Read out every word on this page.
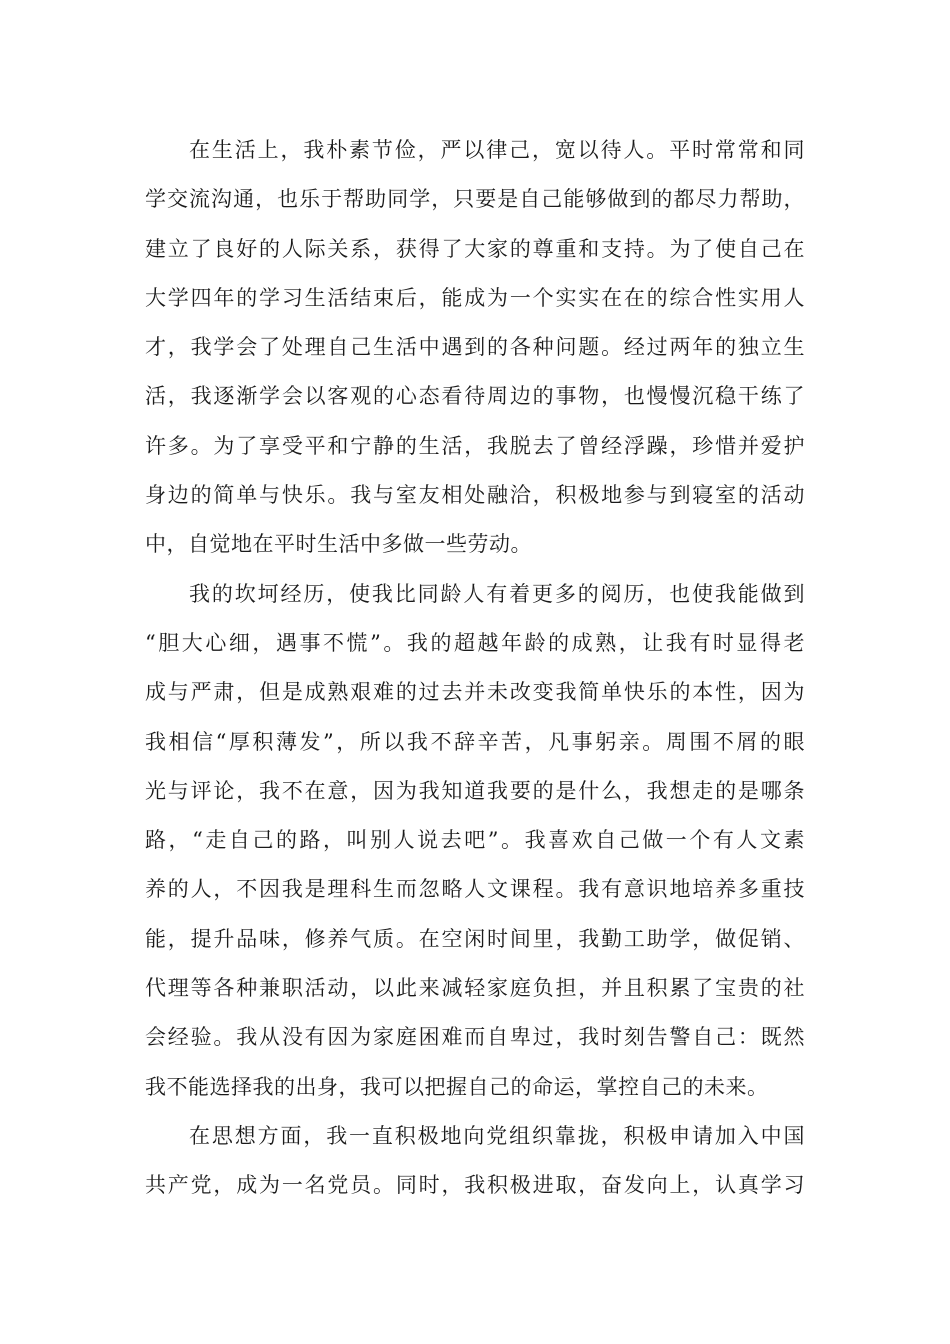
在生活上，我朴素节俭，严以律己，宽以待人。平时常常和同
学交流沟通，也乐于帮助同学，只要是自己能够做到的都尽力帮助，
建立了良好的人际关系，获得了大家的尊重和支持。为了使自己在
大学四年的学习生活结束后，能成为一个实实在在的综合性实用人
才，我学会了处理自己生活中遇到的各种问题。经过两年的独立生
活，我逐渐学会以客观的心态看待周边的事物，也慢慢沉稳干练了
许多。为了享受平和宁静的生活，我脱去了曾经浮躁，珍惜并爱护
身边的简单与快乐。我与室友相处融洽，积极地参与到寝室的活动
中，自觉地在平时生活中多做一些劳动。
我的坎坷经历，使我比同龄人有着更多的阅历，也使我能做到
“胆大心细，遇事不慌”。我的超越年龄的成熟，让我有时显得老
成与严肃，但是成熟艰难的过去并未改变我简单快乐的本性，因为
我相信“厚积薄发”，所以我不辞辛苦，凡事躬亲。周围不屑的眼
光与评论，我不在意，因为我知道我要的是什么，我想走的是哪条
路，“走自己的路，叫别人说去吧”。我喜欢自己做一个有人文素
养的人，不因我是理科生而忽略人文课程。我有意识地培养多重技
能，提升品味，修养气质。在空闲时间里，我勤工助学，做促销、
代理等各种兼职活动，以此来减轻家庭负担，并且积累了宝贵的社
会经验。我从没有因为家庭困难而自卑过，我时刻告警自己：既然
我不能选择我的出身，我可以把握自己的命运，掌控自己的未来。
在思想方面，我一直积极地向党组织靠拢，积极申请加入中国
共产党，成为一名党员。同时，我积极进取，奋发向上，认真学习
